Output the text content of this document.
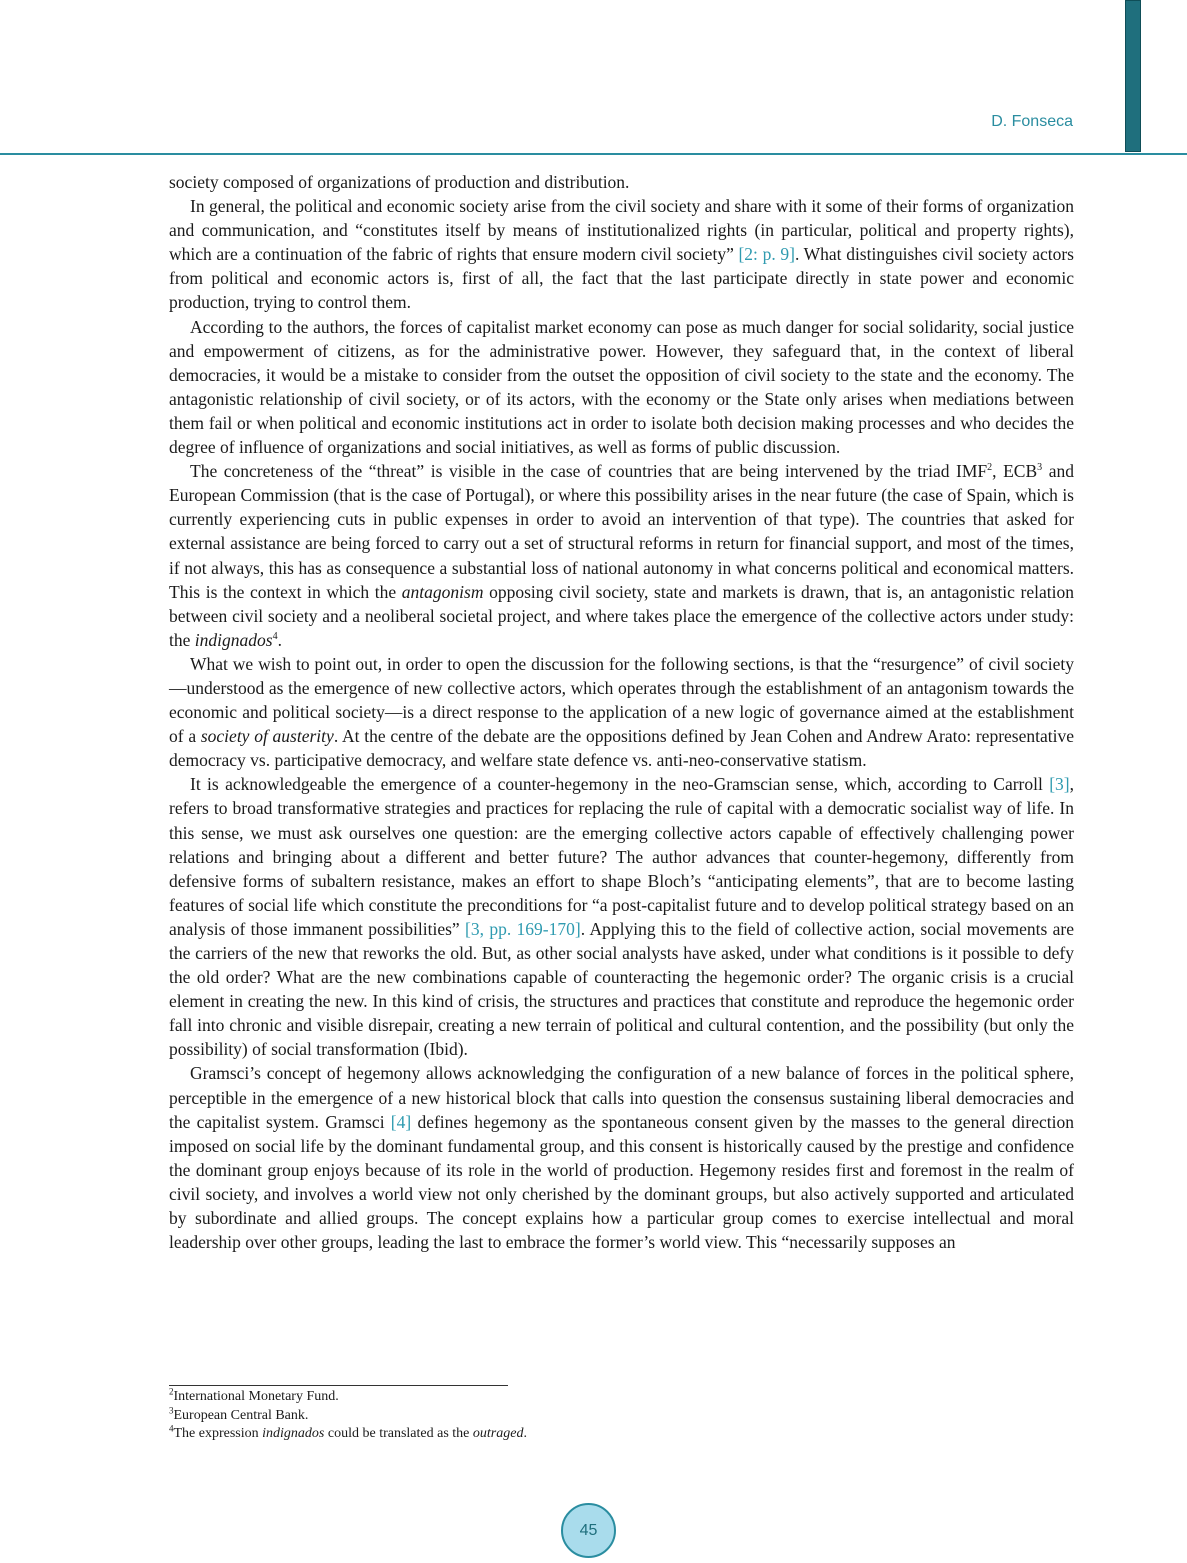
D. Fonseca

society composed of organizations of production and distribution.

In general, the political and economic society arise from the civil society and share with it some of their forms of organization and communication, and “constitutes itself by means of institutionalized rights (in particular, political and property rights), which are a continuation of the fabric of rights that ensure modern civil society” [2: p. 9]. What distinguishes civil society actors from political and economic actors is, first of all, the fact that the last participate directly in state power and economic production, trying to control them.

According to the authors, the forces of capitalist market economy can pose as much danger for social solidarity, social justice and empowerment of citizens, as for the administrative power. However, they safeguard that, in the context of liberal democracies, it would be a mistake to consider from the outset the opposition of civil society to the state and the economy. The antagonistic relationship of civil society, or of its actors, with the economy or the State only arises when mediations between them fail or when political and economic institutions act in order to isolate both decision making processes and who decides the degree of influence of organizations and social initiatives, as well as forms of public discussion.

The concreteness of the “threat” is visible in the case of countries that are being intervened by the triad IMF$^2$, ECB$^3$ and European Commission (that is the case of Portugal), or where this possibility arises in the near future (the case of Spain, which is currently experiencing cuts in public expenses in order to avoid an intervention of that type). The countries that asked for external assistance are being forced to carry out a set of structural reforms in return for financial support, and most of the times, if not always, this has as consequence a substantial loss of national autonomy in what concerns political and economical matters. This is the context in which the antagonism opposing civil society, state and markets is drawn, that is, an antagonistic relation between civil society and a neoliberal societal project, and where takes place the emergence of the collective actors under study: the indignados$^4$.

What we wish to point out, in order to open the discussion for the following sections, is that the “resurgence” of civil society—understood as the emergence of new collective actors, which operates through the establishment of an antagonism towards the economic and political society—is a direct response to the application of a new logic of governance aimed at the establishment of a society of austerity. At the centre of the debate are the oppositions defined by Jean Cohen and Andrew Arato: representative democracy vs. participative democracy, and welfare state defence vs. anti-neo-conservative statism.

It is acknowledgeable the emergence of a counter-hegemony in the neo-Gramscian sense, which, according to Carroll [3], refers to broad transformative strategies and practices for replacing the rule of capital with a democratic socialist way of life. In this sense, we must ask ourselves one question: are the emerging collective actors capable of effectively challenging power relations and bringing about a different and better future? The author advances that counter-hegemony, differently from defensive forms of subaltern resistance, makes an effort to shape Bloch’s “anticipating elements”, that are to become lasting features of social life which constitute the preconditions for “a post-capitalist future and to develop political strategy based on an analysis of those immanent possibilities” [3, pp. 169-170]. Applying this to the field of collective action, social movements are the carriers of the new that reworks the old. But, as other social analysts have asked, under what conditions is it possible to defy the old order? What are the new combinations capable of counteracting the hegemonic order? The organic crisis is a crucial element in creating the new. In this kind of crisis, the structures and practices that constitute and reproduce the hegemonic order fall into chronic and visible disrepair, creating a new terrain of political and cultural contention, and the possibility (but only the possibility) of social transformation (Ibid).

Gramsci’s concept of hegemony allows acknowledging the configuration of a new balance of forces in the political sphere, perceptible in the emergence of a new historical block that calls into question the consensus sustaining liberal democracies and the capitalist system. Gramsci [4] defines hegemony as the spontaneous consent given by the masses to the general direction imposed on social life by the dominant fundamental group, and this consent is historically caused by the prestige and confidence the dominant group enjoys because of its role in the world of production. Hegemony resides first and foremost in the realm of civil society, and involves a world view not only cherished by the dominant groups, but also actively supported and articulated by subordinate and allied groups. The concept explains how a particular group comes to exercise intellectual and moral leadership over other groups, leading the last to embrace the former’s world view. This “necessarily supposes an

$^2$International Monetary Fund.
$^3$European Central Bank.
$^4$The expression indignados could be translated as the outraged.
45
